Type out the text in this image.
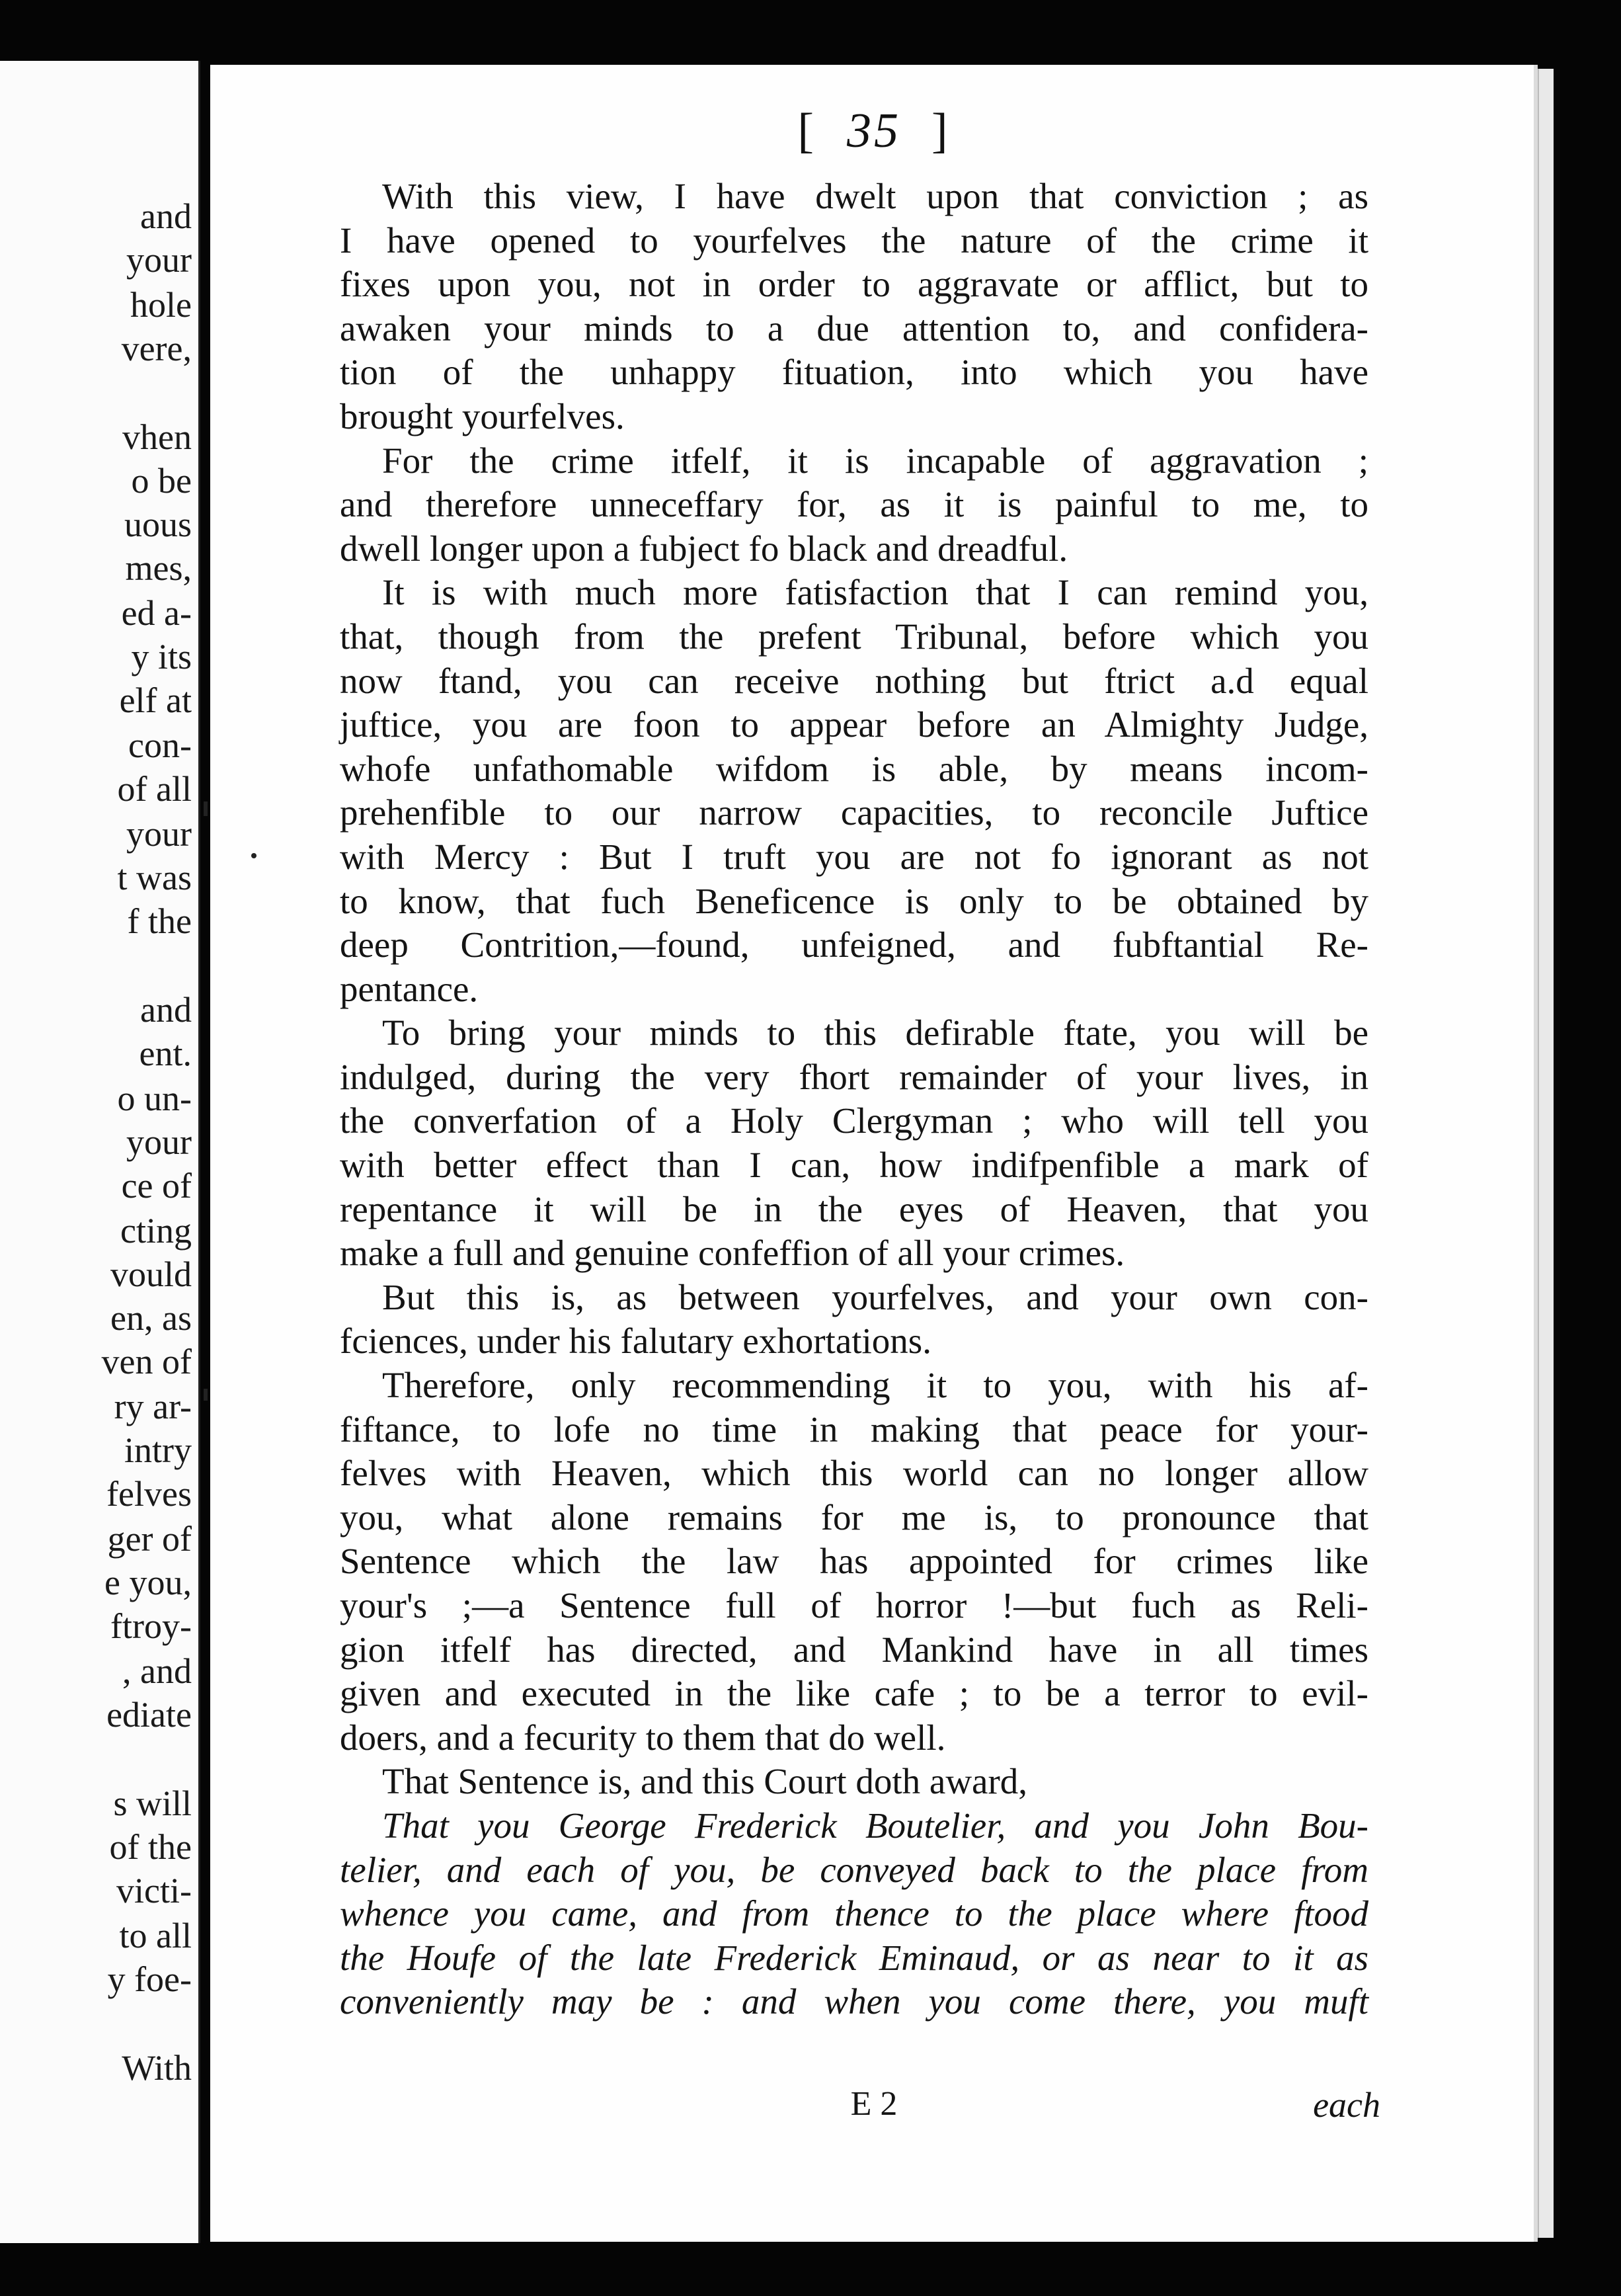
and
your
hole
vere,
vhen
o be
uous
mes,
ed a-
y its
elf at
con-
of all
your
t was
f the
and
ent.
o un-
your
ce of
cting
vould
en, as
ven of
ry ar-
intry
felves
ger of
e you,
ftroy-
, and
ediate
s will
of the
victi-
to all
y foe-
With
[ 35 ]
With this view, I have dwelt upon that conviction ; as
I have opened to yourfelves the nature of the crime it
fixes upon you, not in order to aggravate or afflict, but to
awaken your minds to a due attention to, and confidera-
tion of the unhappy fituation, into which you have
brought yourfelves.
For the crime itfelf, it is incapable of aggravation ;
and therefore unneceffary for, as it is painful to me, to
dwell longer upon a fubject fo black and dreadful.
It is with much more fatisfaction that I can remind you,
that, though from the prefent Tribunal, before which you
now ftand, you can receive nothing but ftrict a.d equal
juftice, you are foon to appear before an Almighty Judge,
whofe unfathomable wifdom is able, by means incom-
prehenfible to our narrow capacities, to reconcile Juftice
with Mercy : But I truft you are not fo ignorant as not
to know, that fuch Beneficence is only to be obtained by
deep Contrition,—found, unfeigned, and fubftantial Re-
pentance.
To bring your minds to this defirable ftate, you will be
indulged, during the very fhort remainder of your lives, in
the converfation of a Holy Clergyman ; who will tell you
with better effect than I can, how indifpenfible a mark of
repentance it will be in the eyes of Heaven, that you
make a full and genuine confeffion of all your crimes.
But this is, as between yourfelves, and your own con-
fciences, under his falutary exhortations.
Therefore, only recommending it to you, with his af-
fiftance, to lofe no time in making that peace for your-
felves with Heaven, which this world can no longer allow
you, what alone remains for me is, to pronounce that
Sentence which the law has appointed for crimes like
your's ;—a Sentence full of horror !—but fuch as Reli-
gion itfelf has directed, and Mankind have in all times
given and executed in the like cafe ; to be a terror to evil-
doers, and a fecurity to them that do well.
That Sentence is, and this Court doth award,
That you George Frederick Boutelier, and you John Bou-
telier, and each of you, be conveyed back to the place from
whence you came, and from thence to the place where ftood
the Houfe of the late Frederick Eminaud, or as near to it as
conveniently may be : and when you come there, you muft
E 2	each
